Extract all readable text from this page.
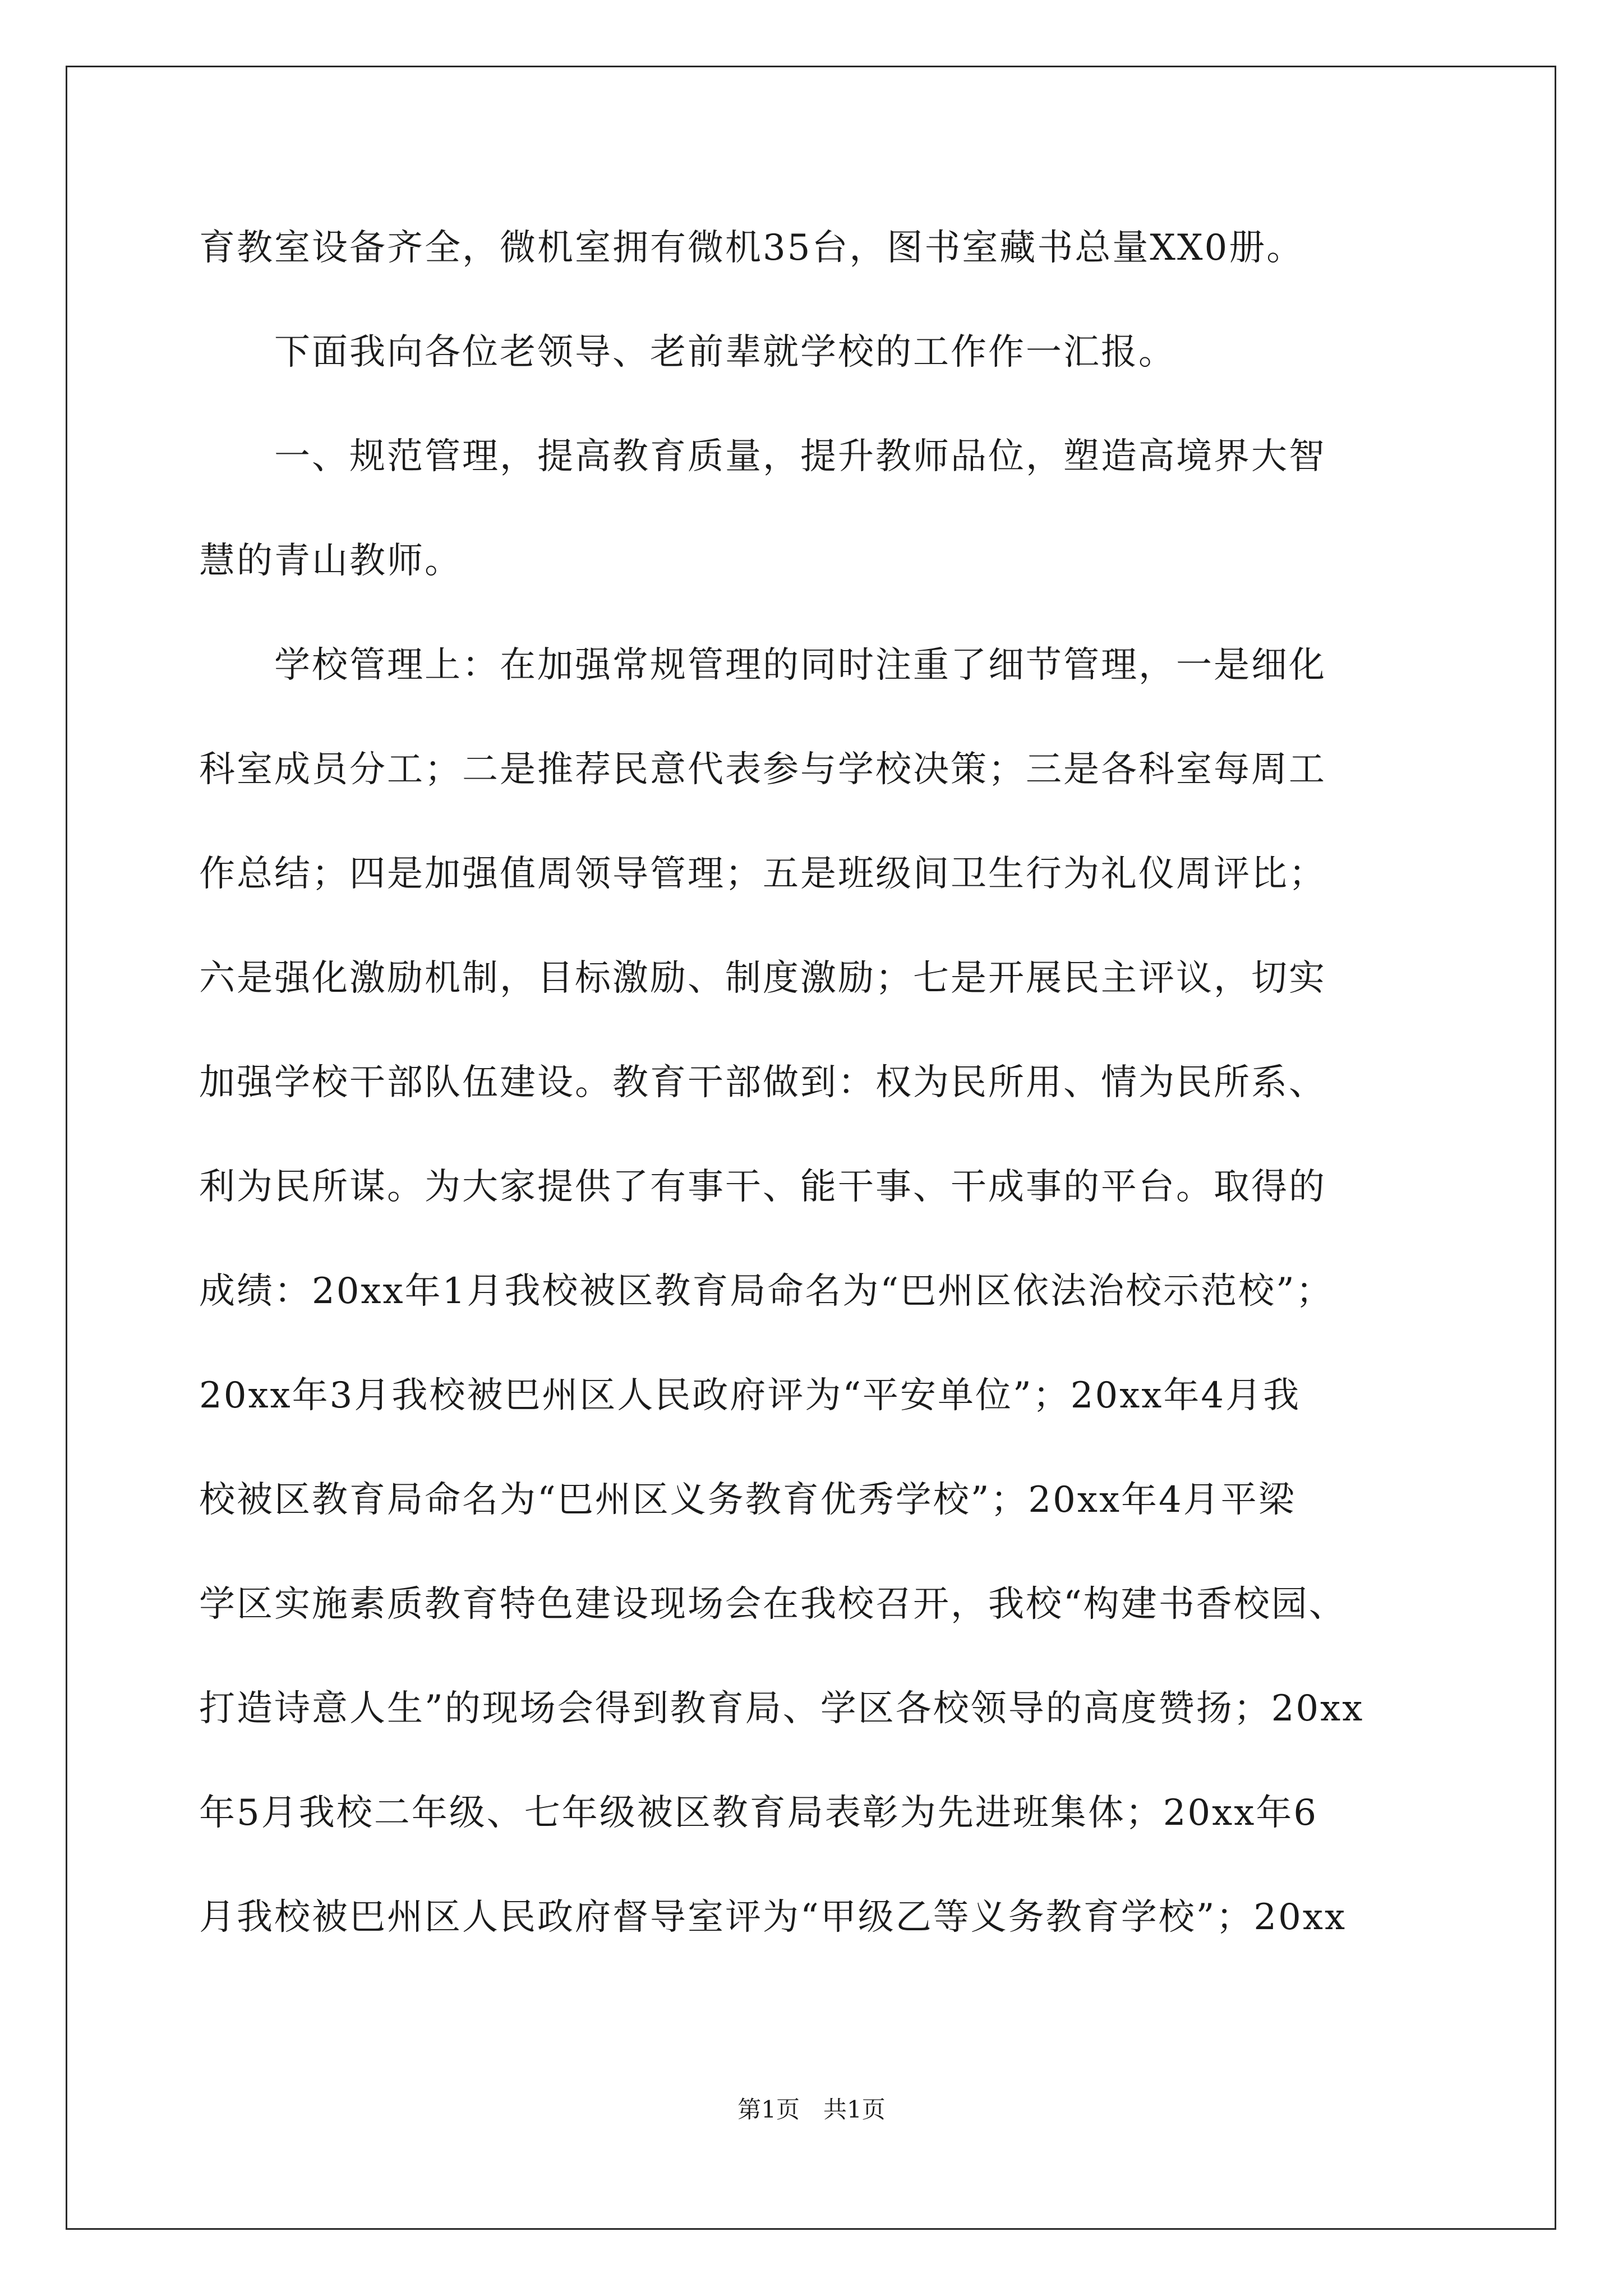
育教室设备齐全，微机室拥有微机35台，图书室藏书总量XX0册。
　　下面我向各位老领导、老前辈就学校的工作作一汇报。
　　一、规范管理，提高教育质量，提升教师品位，塑造高境界大智
慧的青山教师。
　　学校管理上：在加强常规管理的同时注重了细节管理，一是细化
科室成员分工；二是推荐民意代表参与学校决策；三是各科室每周工
作总结；四是加强值周领导管理；五是班级间卫生行为礼仪周评比；
六是强化激励机制，目标激励、制度激励；七是开展民主评议，切实
加强学校干部队伍建设。教育干部做到：权为民所用、情为民所系、
利为民所谋。为大家提供了有事干、能干事、干成事的平台。取得的
成绩：20xx年1月我校被区教育局命名为“巴州区依法治校示范校”；
20xx年3月我校被巴州区人民政府评为“平安单位”；20xx年4月我
校被区教育局命名为“巴州区义务教育优秀学校”；20xx年4月平梁
学区实施素质教育特色建设现场会在我校召开，我校“构建书香校园、
打造诗意人生”的现场会得到教育局、学区各校领导的高度赞扬；20xx
年5月我校二年级、七年级被区教育局表彰为先进班集体；20xx年6
月我校被巴州区人民政府督导室评为“甲级乙等义务教育学校”；20xx
第1页　共1页
